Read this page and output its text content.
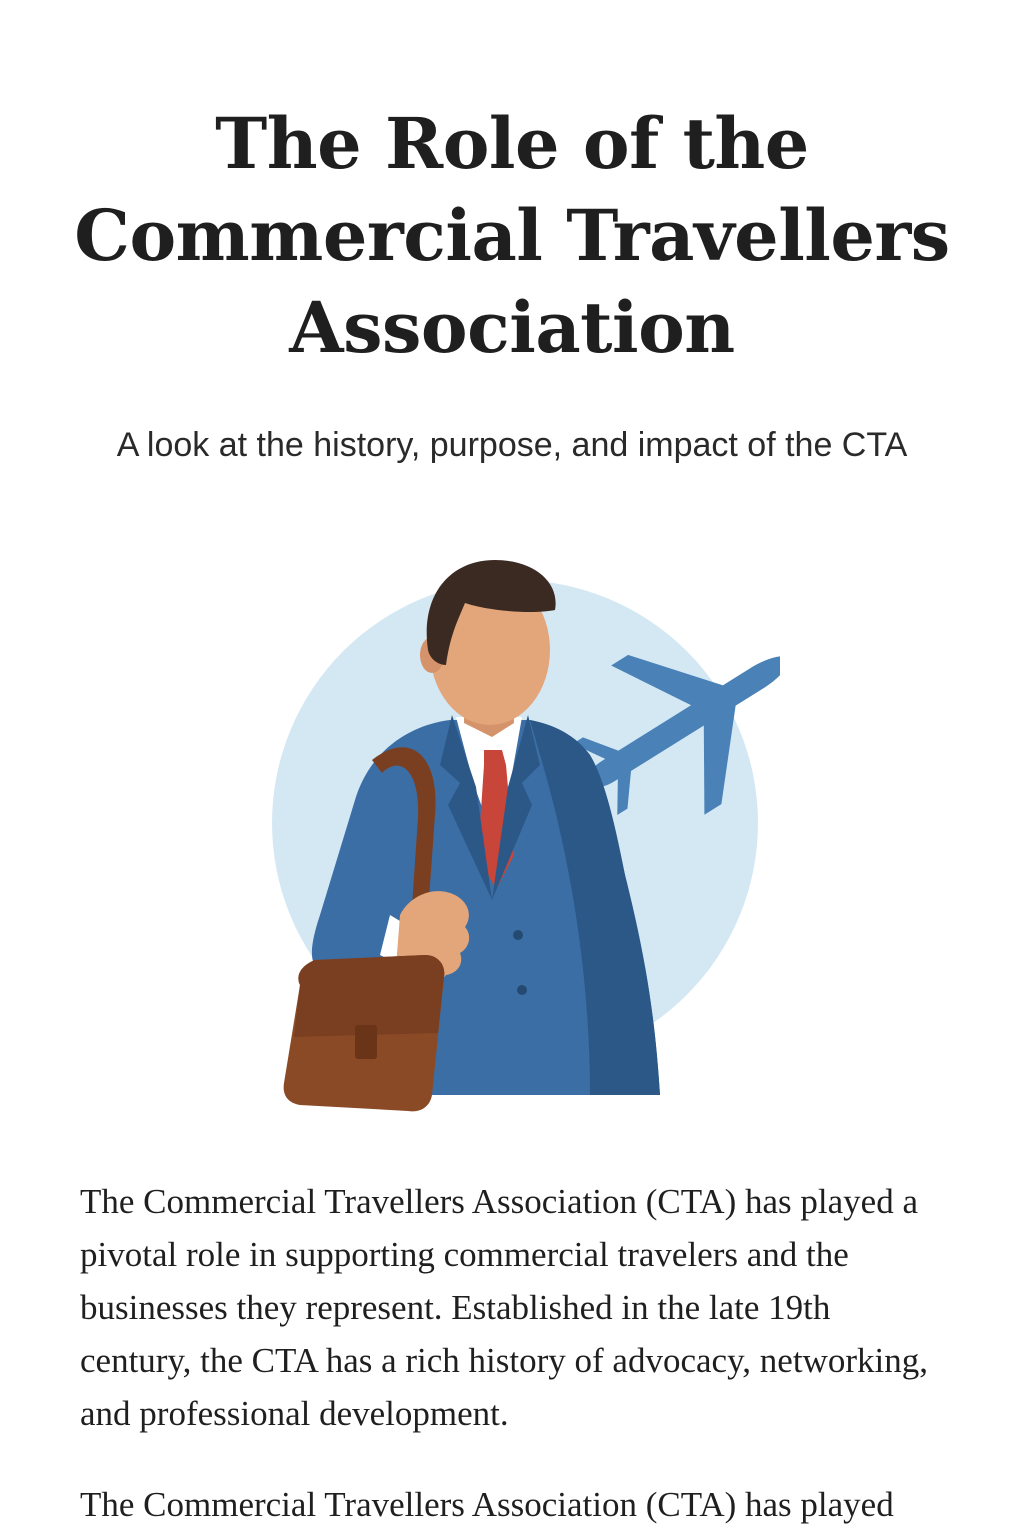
The Role of the Commercial Travellers Association

A look at the history, purpose, and impact of the CTA

The Commercial Travellers Association (CTA) has played a pivotal role in supporting commercial travelers and the businesses they represent. Established in the late 19th century, the CTA has a rich history of advocacy, networking, and professional development.

The Commercial Travellers Association (CTA) has played
